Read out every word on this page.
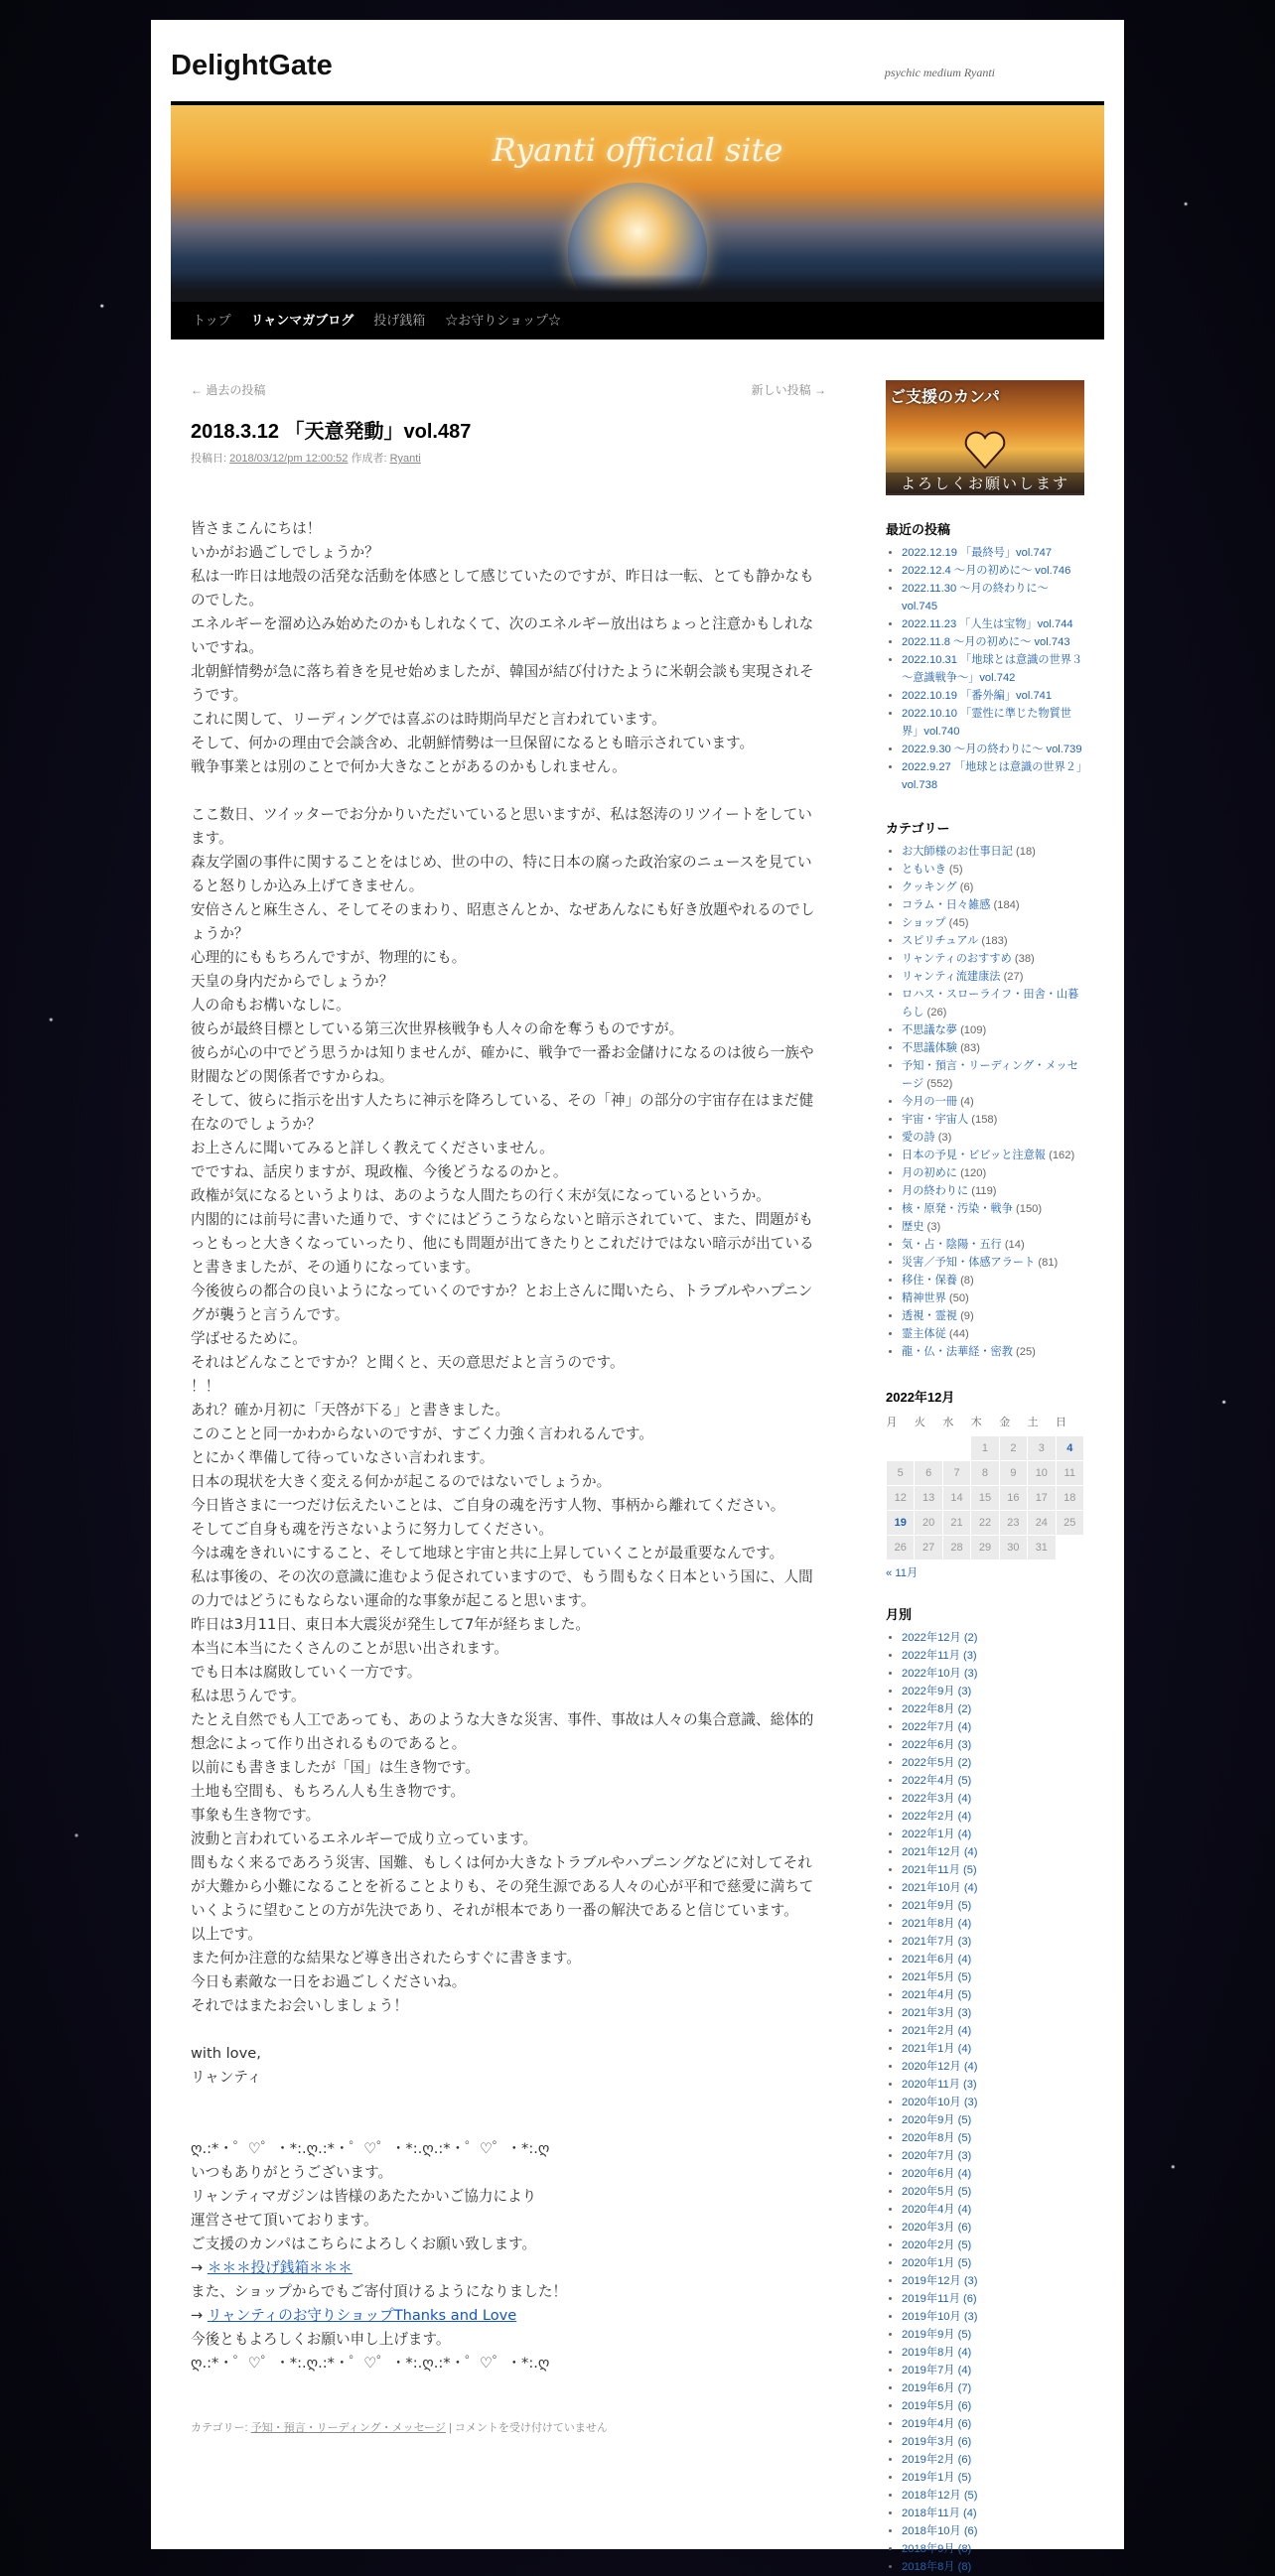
DelightGate	psychic medium Ryanti
Ryanti official site
トップ	リャンマガブログ	投げ銭箱	☆お守りショップ☆
← 過去の投稿	新しい投稿 →
2018.3.12 「天意発動」vol.487
投稿日: 2018/03/12/pm 12:00:52 作成者: Ryanti

皆さまこんにちは！

いかがお過ごしでしょうか？

私は一昨日は地殻の活発な活動を体感として感じていたのですが、昨日は一転、とても静かなものでした。

エネルギーを溜め込み始めたのかもしれなくて、次のエネルギー放出はちょっと注意かもしれないですね。

北朝鮮情勢が急に落ち着きを見せ始めましたが、韓国が結び付けたように米朝会談も実現されそうです。

これに関して、リーディングでは喜ぶのは時期尚早だと言われています。

そして、何かの理由で会談含め、北朝鮮情勢は一旦保留になるとも暗示されています。

戦争事業とは別のことで何か大きなことがあるのかもしれません。

ここ数日、ツイッターでお分かりいただいていると思いますが、私は怒涛のリツイートをしています。

森友学園の事件に関することをはじめ、世の中の、特に日本の腐った政治家のニュースを見ていると怒りしか込み上げてきません。

安倍さんと麻生さん、そしてそのまわり、昭恵さんとか、なぜあんなにも好き放題やれるのでしょうか？

心理的にももちろんですが、物理的にも。

天皇の身内だからでしょうか？

人の命もお構いなしに。

彼らが最終目標としている第三次世界核戦争も人々の命を奪うものですが。

彼らが心の中でどう思うかは知りませんが、確かに、戦争で一番お金儲けになるのは彼ら一族や財閥などの関係者ですからね。

そして、彼らに指示を出す人たちに神示を降ろしている、その「神」の部分の宇宙存在はまだ健在なのでしょうか？

お上さんに聞いてみると詳しく教えてくださいません。

でですね、話戻りますが、現政権、今後どうなるのかと。

政権が気になるというよりは、あのような人間たちの行く末が気になっているというか。

内閣的には前号に書いた通りで、すぐにはどうこうならないと暗示されていて、また、問題がもっともっと大きくなっていったり、他にも問題が出てきたりとこれだけではない暗示が出ていると書きましたが、その通りになっています。

今後彼らの都合の良いようになっていくのですか？とお上さんに聞いたら、トラブルやハプニングが襲うと言うんです。

学ばせるために。

それはどんなことですか？と聞くと、天の意思だよと言うのです。

！！

あれ？確か月初に「天啓が下る」と書きました。

このことと同一かわからないのですが、すごく力強く言われるんです。

とにかく準備して待っていなさい言われます。

日本の現状を大きく変える何かが起こるのではないでしょうか。

今日皆さまに一つだけ伝えたいことは、ご自身の魂を汚す人物、事柄から離れてください。

そしてご自身も魂を汚さないように努力してください。

今は魂をきれいにすること、そして地球と宇宙と共に上昇していくことが最重要なんです。

私は事後の、その次の意識に進むよう促されていますので、もう間もなく日本という国に、人間の力ではどうにもならない運命的な事象が起こると思います。

昨日は3月11日、東日本大震災が発生して7年が経ちました。

本当に本当にたくさんのことが思い出されます。

でも日本は腐敗していく一方です。

私は思うんです。

たとえ自然でも人工であっても、あのような大きな災害、事件、事故は人々の集合意識、総体的想念によって作り出されるものであると。

以前にも書きましたが「国」は生き物です。

土地も空間も、もちろん人も生き物です。

事象も生き物です。

波動と言われているエネルギーで成り立っています。

間もなく来るであろう災害、国難、もしくは何か大きなトラブルやハプニングなどに対してそれが大難から小難になることを祈ることよりも、その発生源である人々の心が平和で慈愛に満ちていくように望むことの方が先決であり、それが根本であり一番の解決であると信じています。

以上です。

また何か注意的な結果など導き出されたらすぐに書きます。

今日も素敵な一日をお過ごしくださいね。

それではまたお会いしましょう！

with love,

リャンティ

ღ.:*・゜♡゜・*:.ღ.:*・゜♡゜・*:.ღ.:*・゜♡゜・*:.ღ

いつもありがとうございます。

リャンティマガジンは皆様のあたたかいご協力により

運営させて頂いております。

ご支援のカンパはこちらによろしくお願い致します。

→ ＊＊＊投げ銭箱＊＊＊

また、ショップからでもご寄付頂けるようになりました！

→ リャンティのお守りショップThanks and Love

今後ともよろしくお願い申し上げます。

ღ.:*・゜♡゜・*:.ღ.:*・゜♡゜・*:.ღ.:*・゜♡゜・*:.ღ

カテゴリー: 予知・預言・リーディング・メッセージ | コメントを受け付けていません
ご支援のカンパ
よろしくお願いします
最近の投稿
• 2022.12.19 「最終号」vol.747
• 2022.12.4 ～月の初めに～ vol.746
• 2022.11.30 ～月の終わりに～ vol.745
• 2022.11.23 「人生は宝物」vol.744
• 2022.11.8 ～月の初めに～ vol.743
• 2022.10.31 「地球とは意識の世界３～意識戦争～」vol.742
• 2022.10.19 「番外編」vol.741
• 2022.10.10 「霊性に準じた物質世界」vol.740
• 2022.9.30 ～月の終わりに～ vol.739
• 2022.9.27 「地球とは意識の世界２」vol.738
カテゴリー
• お大師様のお仕事日記 (18)
• ともいき (5)
• クッキング (6)
• コラム・日々雑感 (184)
• ショップ (45)
• スピリチュアル (183)
• リャンティのおすすめ (38)
• リャンティ流建康法 (27)
• ロハス・スローライフ・田舎・山暮らし (26)
• 不思議な夢 (109)
• 不思議体験 (83)
• 予知・預言・リーディング・メッセージ (552)
• 今月の一冊 (4)
• 宇宙・宇宙人 (158)
• 愛の詩 (3)
• 日本の予見・ビビッと注意報 (162)
• 月の初めに (120)
• 月の終わりに (119)
• 核・原発・汚染・戦争 (150)
• 歴史 (3)
• 気・占・陰陽・五行 (14)
• 災害／予知・体感アラート (81)
• 移住・保養 (8)
• 精神世界 (50)
• 透視・霊視 (9)
• 霊主体従 (44)
• 龍・仏・法華経・密教 (25)
2022年12月
月	火	水	木	金	土	日
			1	2	3	4
5	6	7	8	9	10	11
12	13	14	15	16	17	18
19	20	21	22	23	24	25
26	27	28	29	30	31	
« 11月
月別
• 2022年12月 (2)
• 2022年11月 (3)
• 2022年10月 (3)
• 2022年9月 (3)
• 2022年8月 (2)
• 2022年7月 (4)
• 2022年6月 (3)
• 2022年5月 (2)
• 2022年4月 (5)
• 2022年3月 (4)
• 2022年2月 (4)
• 2022年1月 (4)
• 2021年12月 (4)
• 2021年11月 (5)
• 2021年10月 (4)
• 2021年9月 (5)
• 2021年8月 (4)
• 2021年7月 (3)
• 2021年6月 (4)
• 2021年5月 (5)
• 2021年4月 (5)
• 2021年3月 (3)
• 2021年2月 (4)
• 2021年1月 (4)
• 2020年12月 (4)
• 2020年11月 (3)
• 2020年10月 (3)
• 2020年9月 (5)
• 2020年8月 (5)
• 2020年7月 (3)
• 2020年6月 (4)
• 2020年5月 (5)
• 2020年4月 (4)
• 2020年3月 (6)
• 2020年2月 (5)
• 2020年1月 (5)
• 2019年12月 (3)
• 2019年11月 (6)
• 2019年10月 (3)
• 2019年9月 (5)
• 2019年8月 (4)
• 2019年7月 (4)
• 2019年6月 (7)
• 2019年5月 (6)
• 2019年4月 (6)
• 2019年3月 (6)
• 2019年2月 (6)
• 2019年1月 (5)
• 2018年12月 (5)
• 2018年11月 (4)
• 2018年10月 (6)
• 2018年9月 (8)
• 2018年8月 (8)
